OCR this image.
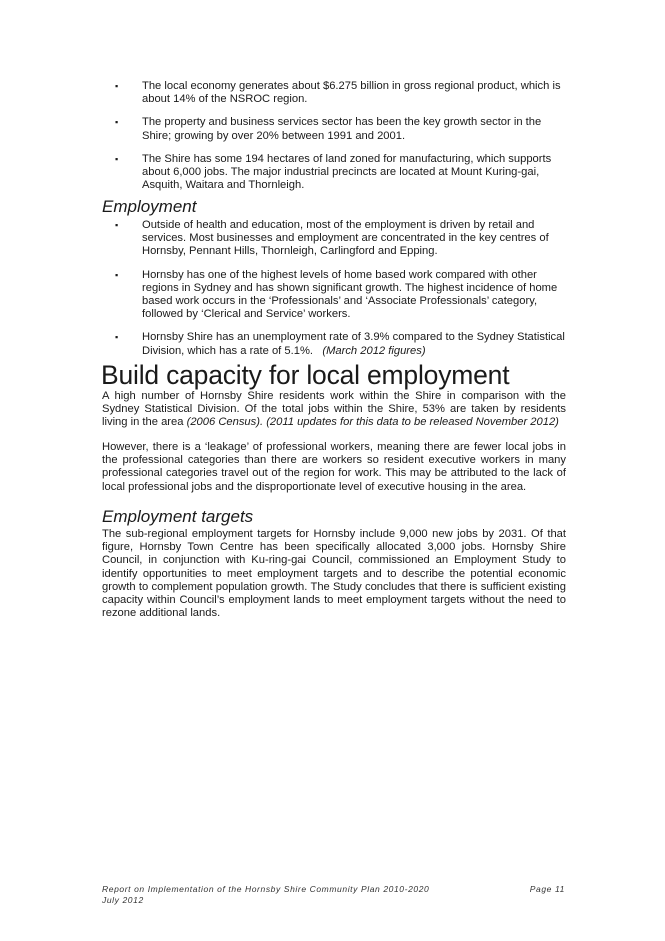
▪	The local economy generates about $6.275 billion in gross regional product, which is about 14% of the NSROC region.
▪	The property and business services sector has been the key growth sector in the Shire; growing by over 20% between 1991 and 2001.
▪	The Shire has some 194 hectares of land zoned for manufacturing, which supports about 6,000 jobs. The major industrial precincts are located at Mount Kuring-gai, Asquith, Waitara and Thornleigh.
Employment
▪	Outside of health and education, most of the employment is driven by retail and services. Most businesses and employment are concentrated in the key centres of Hornsby, Pennant Hills, Thornleigh, Carlingford and Epping.
▪	Hornsby has one of the highest levels of home based work compared with other regions in Sydney and has shown significant growth. The highest incidence of home based work occurs in the ‘Professionals’ and ‘Associate Professionals’ category, followed by ‘Clerical and Service’ workers.
▪	Hornsby Shire has an unemployment rate of 3.9% compared to the Sydney Statistical Division, which has a rate of 5.1%. (March 2012 figures)
Build capacity for local employment

A high number of Hornsby Shire residents work within the Shire in comparison with the Sydney Statistical Division. Of the total jobs within the Shire, 53% are taken by residents living in the area (2006 Census). (2011 updates for this data to be released November 2012)

However, there is a ‘leakage’ of professional workers, meaning there are fewer local jobs in the professional categories than there are workers so resident executive workers in many professional categories travel out of the region for work. This may be attributed to the lack of local professional jobs and the disproportionate level of executive housing in the area.

Employment targets

The sub-regional employment targets for Hornsby include 9,000 new jobs by 2031. Of that figure, Hornsby Town Centre has been specifically allocated 3,000 jobs. Hornsby Shire Council, in conjunction with Ku-ring-gai Council, commissioned an Employment Study to identify opportunities to meet employment targets and to describe the potential economic growth to complement population growth. The Study concludes that there is sufficient existing capacity within Council’s employment lands to meet employment targets without the need to rezone additional lands.

Report on Implementation of the Hornsby Shire Community Plan 2010-2020	Page 11
July 2012
